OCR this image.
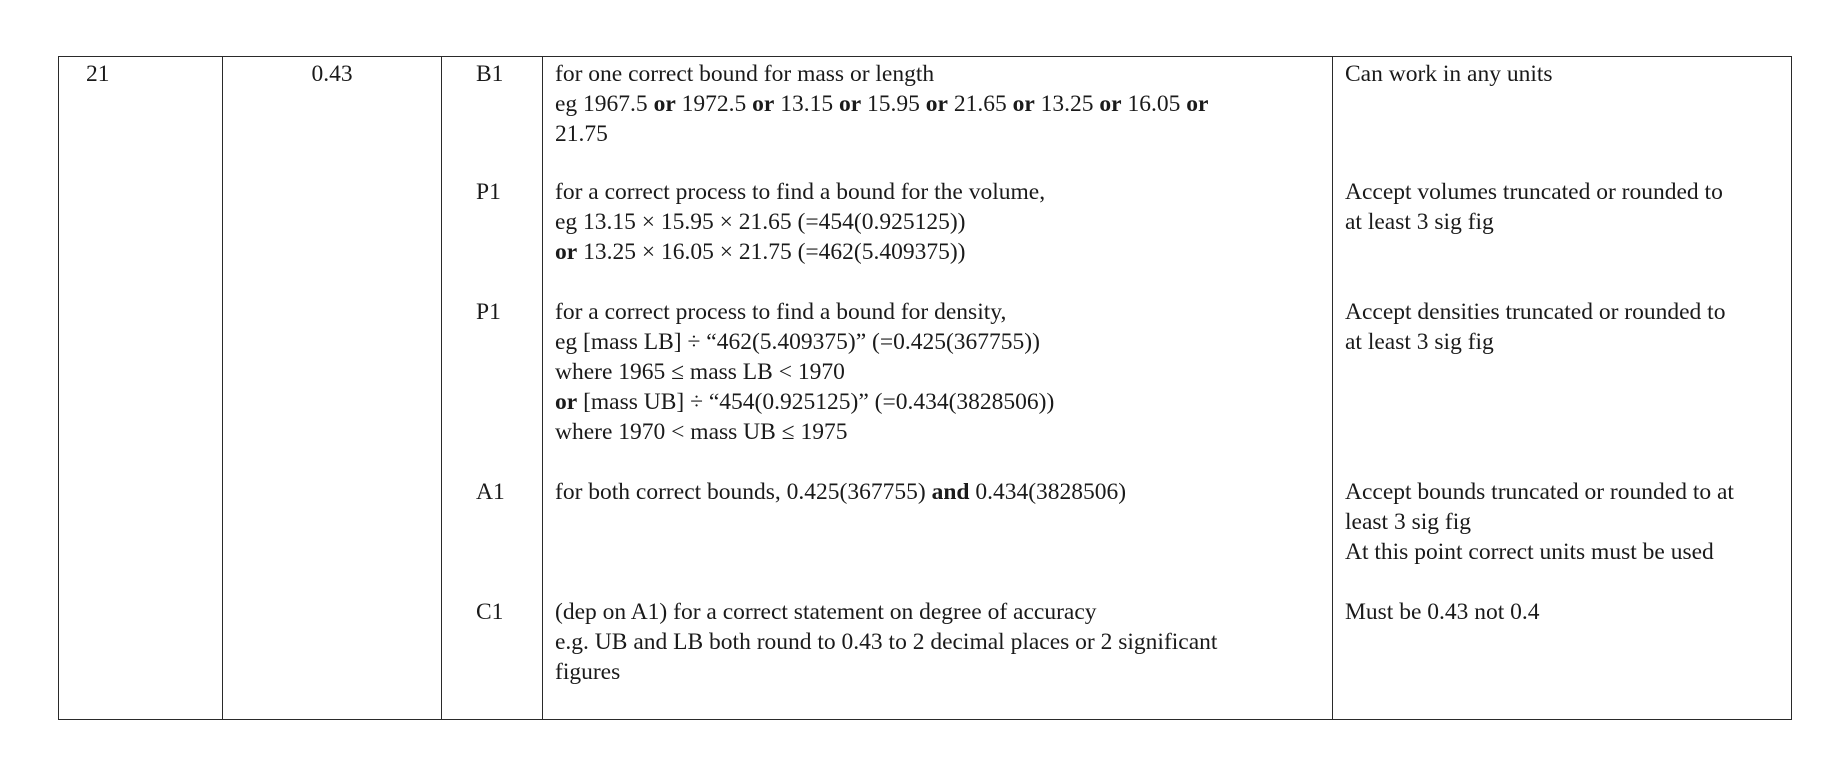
21	0.43	B1	for one correct bound for mass or length
eg 1967.5 or 1972.5 or 13.15 or 15.95 or 21.65 or 13.25 or 16.05 or
21.75	Can work in any units

		P1	for a correct process to find a bound for the volume,
eg 13.15 × 15.95 × 21.65 (=454(0.925125))
or 13.25 × 16.05 × 21.75 (=462(5.409375))	Accept volumes truncated or rounded to
at least 3 sig fig

		P1	for a correct process to find a bound for density,
eg [mass LB] ÷ “462(5.409375)” (=0.425(367755))
where 1965 ≤ mass LB < 1970
or [mass UB] ÷ “454(0.925125)” (=0.434(3828506))
where 1970 < mass UB ≤ 1975	Accept densities truncated or rounded to
at least 3 sig fig

		A1	for both correct bounds, 0.425(367755) and 0.434(3828506)	Accept bounds truncated or rounded to at
least 3 sig fig
At this point correct units must be used

		C1	(dep on A1) for a correct statement on degree of accuracy
e.g. UB and LB both round to 0.43 to 2 decimal places or 2 significant
figures	Must be 0.43 not 0.4
